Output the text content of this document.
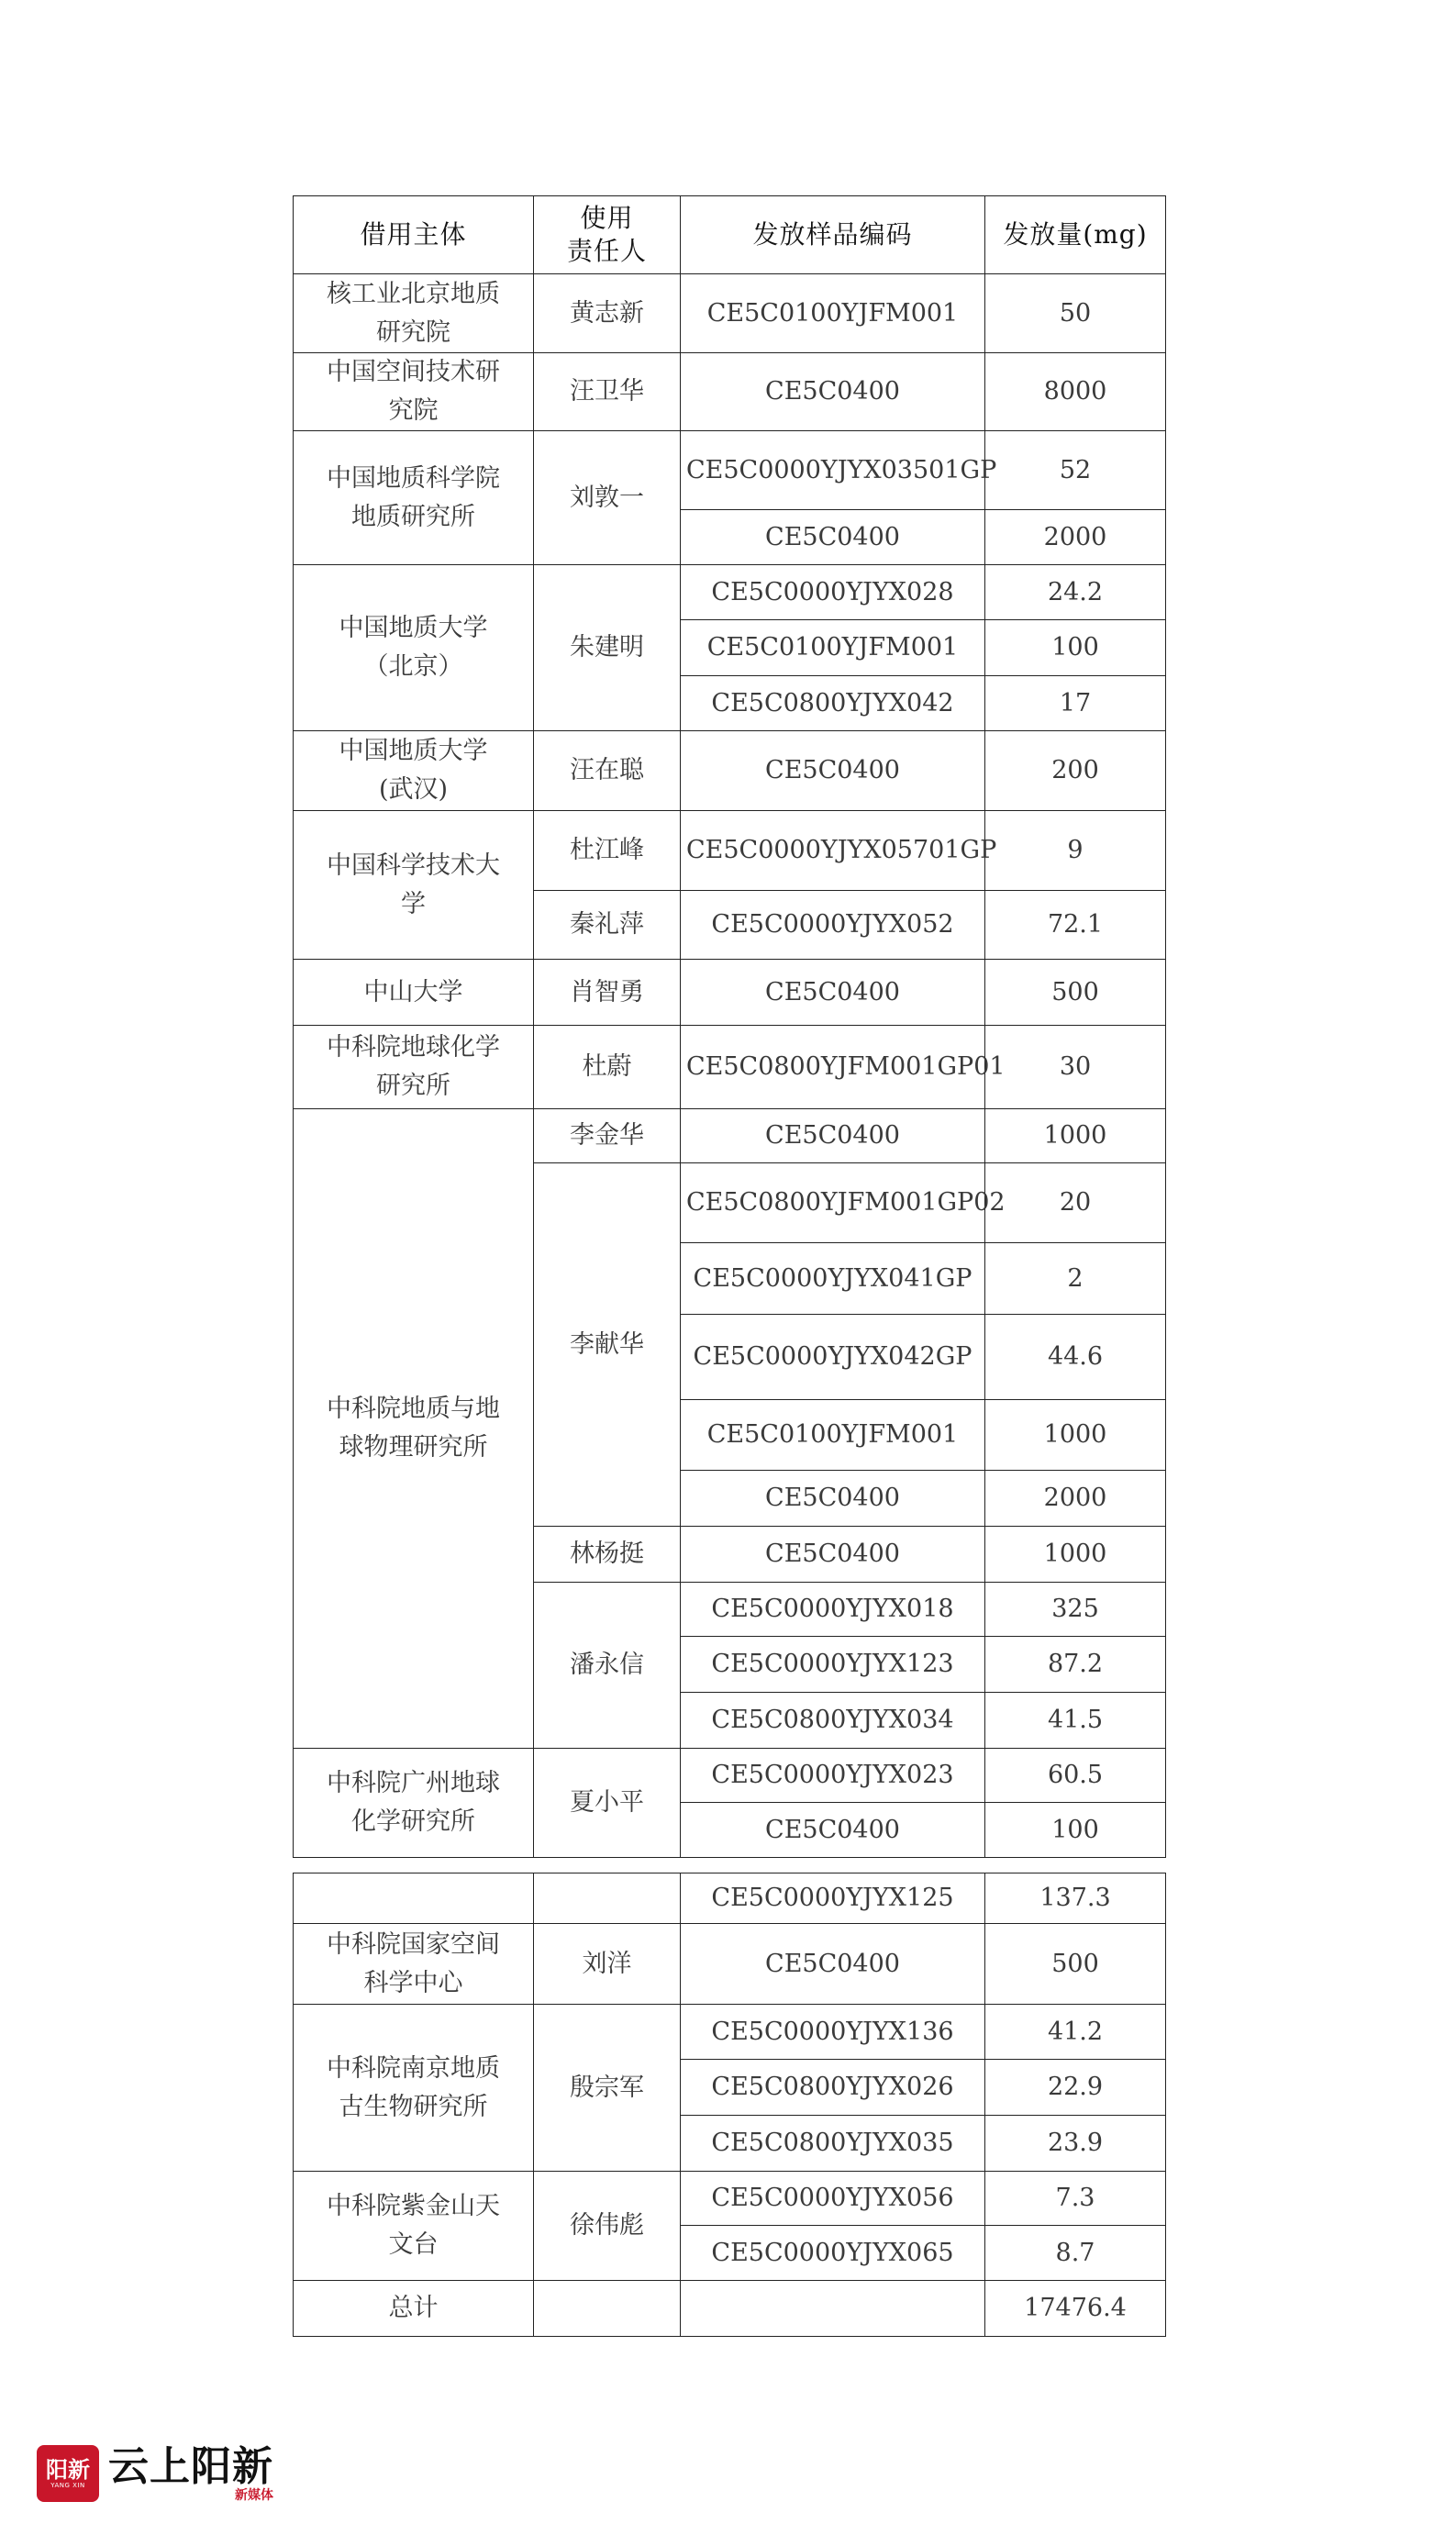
借用主体	使用
责任人	发放样品编码	发放量(mg)
核工业北京地质
研究院	黄志新	CE5C0100YJFM001	50
中国空间技术研
究院	汪卫华	CE5C0400	8000
中国地质科学院
地质研究所	刘敦一	CE5C0000YJYX03501GP	52
		CE5C0400	2000
中国地质大学
（北京）	朱建明	CE5C0000YJYX028	24.2
		CE5C0100YJFM001	100
		CE5C0800YJYX042	17
中国地质大学
(武汉)	汪在聪	CE5C0400	200
中国科学技术大
学	杜江峰	CE5C0000YJYX05701GP	9
	秦礼萍	CE5C0000YJYX052	72.1
中山大学	肖智勇	CE5C0400	500
中科院地球化学
研究所	杜蔚	CE5C0800YJFM001GP01	30
中科院地质与地
球物理研究所	李金华	CE5C0400	1000
	李献华	CE5C0800YJFM001GP02	20
		CE5C0000YJYX041GP	2
		CE5C0000YJYX042GP	44.6
		CE5C0100YJFM001	1000
		CE5C0400	2000
	林杨挺	CE5C0400	1000
	潘永信	CE5C0000YJYX018	325
		CE5C0000YJYX123	87.2
		CE5C0800YJYX034	41.5
中科院广州地球
化学研究所	夏小平	CE5C0000YJYX023	60.5
		CE5C0400	100
		CE5C0000YJYX125	137.3
中科院国家空间
科学中心	刘洋	CE5C0400	500
中科院南京地质
古生物研究所	殷宗军	CE5C0000YJYX136	41.2
		CE5C0800YJYX026	22.9
		CE5C0800YJYX035	23.9
中科院紫金山天
文台	徐伟彪	CE5C0000YJYX056	7.3
		CE5C0000YJYX065	8.7
总计			17476.4
阳新
YANG XIN 云上阳新
新媒体
